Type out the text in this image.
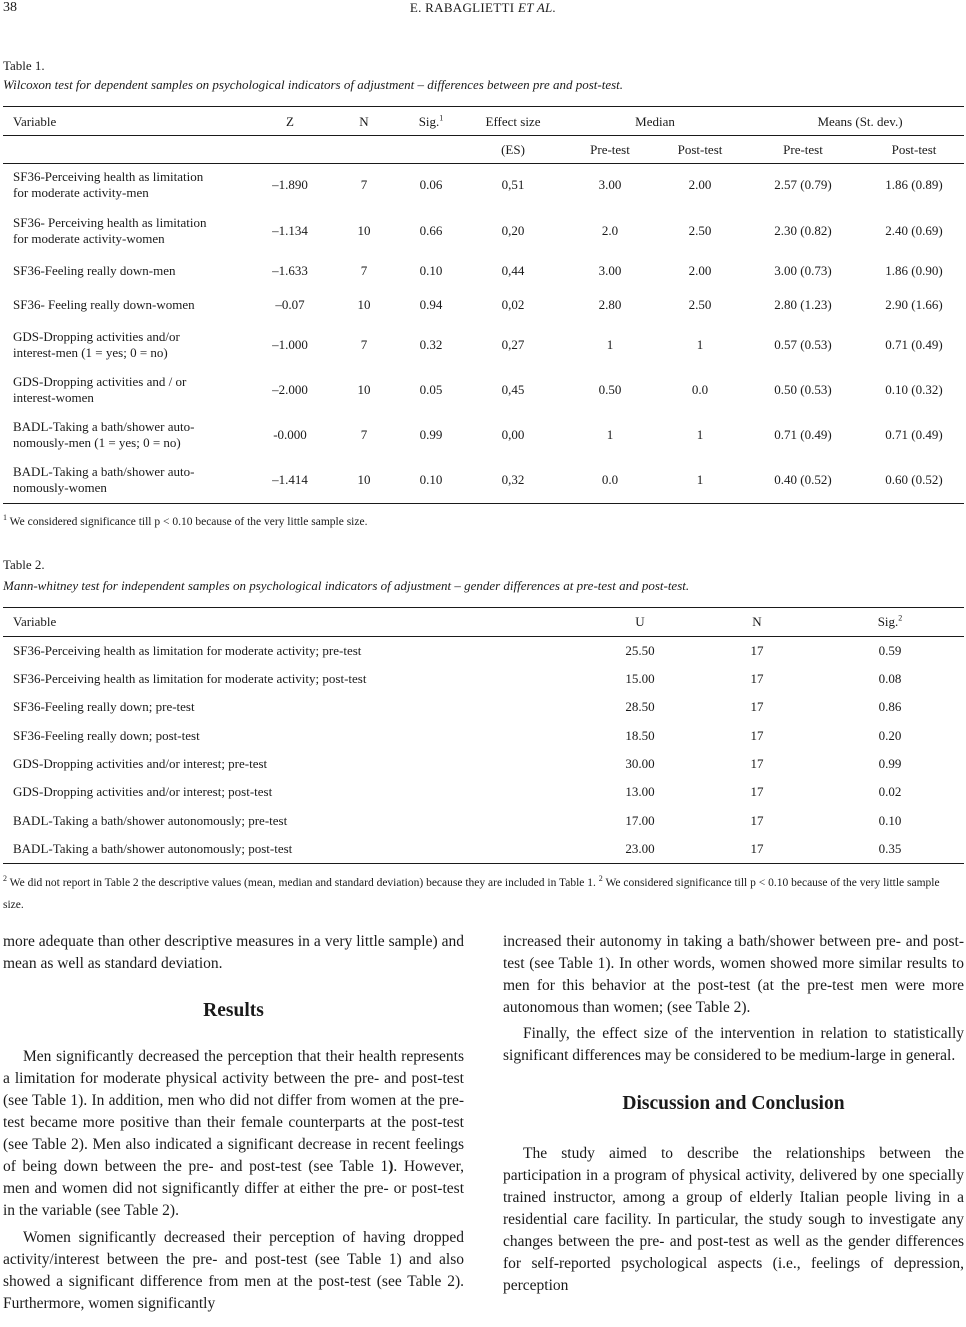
38	E. RABAGLIETTI ET AL.
Table 1.
Wilcoxon test for dependent samples on psychological indicators of adjustment – differences between pre and post-test.
Variable	Z	N	Sig.$^1$	Effect size	Median	Means (St. dev.)
(ES)	Pre-test	Post-test	Pre-test	Post-test
SF36-Perceiving health as limitation
for moderate activity-men
–1.890	7	0.06	0,51	3.00	2.00	2.57 (0.79)	1.86 (0.89)
SF36- Perceiving health as limitation
for moderate activity-women
–1.134	10	0.66	0,20	2.0	2.50	2.30 (0.82)	2.40 (0.69)
SF36-Feeling really down-men	–1.633	7	0.10	0,44	3.00	2.00	3.00 (0.73)	1.86 (0.90)
SF36- Feeling really down-women	–0.07	10	0.94	0,02	2.80	2.50	2.80 (1.23)	2.90 (1.66)
GDS-Dropping activities and/or
interest-men (1 = yes; 0 = no)
–1.000	7	0.32	0,27	1	1	0.57 (0.53)	0.71 (0.49)
GDS-Dropping activities and / or
interest-women
–2.000	10	0.05	0,45	0.50	0.0	0.50 (0.53)	0.10 (0.32)
BADL-Taking a bath/shower auto-
nomously-men (1 = yes; 0 = no)
-0.000	7	0.99	0,00	1	1	0.71 (0.49)	0.71 (0.49)
BADL-Taking a bath/shower auto-
nomously-women
–1.414	10	0.10	0,32	0.0	1	0.40 (0.52)	0.60 (0.52)
$^1$ We considered significance till p < 0.10 because of the very little sample size.
Table 2.
Mann-whitney test for independent samples on psychological indicators of adjustment – gender differences at pre-test and post-test.
Variable	U	N	Sig.$^2$
SF36-Perceiving health as limitation for moderate activity; pre-test	25.50	17	0.59
SF36-Perceiving health as limitation for moderate activity; post-test	15.00	17	0.08
SF36-Feeling really down; pre-test	28.50	17	0.86
SF36-Feeling really down; post-test	18.50	17	0.20
GDS-Dropping activities and/or interest; pre-test	30.00	17	0.99
GDS-Dropping activities and/or interest; post-test	13.00	17	0.02
BADL-Taking a bath/shower autonomously; pre-test	17.00	17	0.10
BADL-Taking a bath/shower autonomously; post-test	23.00	17	0.35
$^2$ We did not report in Table 2 the descriptive values (mean, median and standard deviation) because they are included in Table 1. $^2$ We considered significance till p < 0.10 because of the very little sample size.

more adequate than other descriptive measures in a very little sample) and mean as well as standard deviation.

Results

Men significantly decreased the perception that their health represents a limitation for moderate physical activity between the pre- and post-test (see Table 1). In addition, men who did not differ from women at the pre-test became more positive than their female counterparts at the post-test (see Table 2). Men also indicated a significant decrease in recent feelings of being down between the pre- and post-test (see Table 1). However, men and women did not significantly differ at either the pre- or post-test in the variable (see Table 2).

Women significantly decreased their perception of having dropped activity/interest between the pre- and post-test (see Table 1) and also showed a significant difference from men at the post-test (see Table 2). Furthermore, women significantly

increased their autonomy in taking a bath/shower between pre- and post-test (see Table 1). In other words, women showed more similar results to men for this behavior at the post-test (at the pre-test men were more autonomous than women; (see Table 2).

Finally, the effect size of the intervention in relation to statistically significant differences may be considered to be medium-large in general.

Discussion and Conclusion

The study aimed to describe the relationships between the participation in a program of physical activity, delivered by one specially trained instructor, among a group of elderly Italian people living in a residential care facility. In particular, the study sough to investigate any changes between the pre- and post-test as well as the gender differences for self-reported psychological aspects (i.e., feelings of depression, perception
